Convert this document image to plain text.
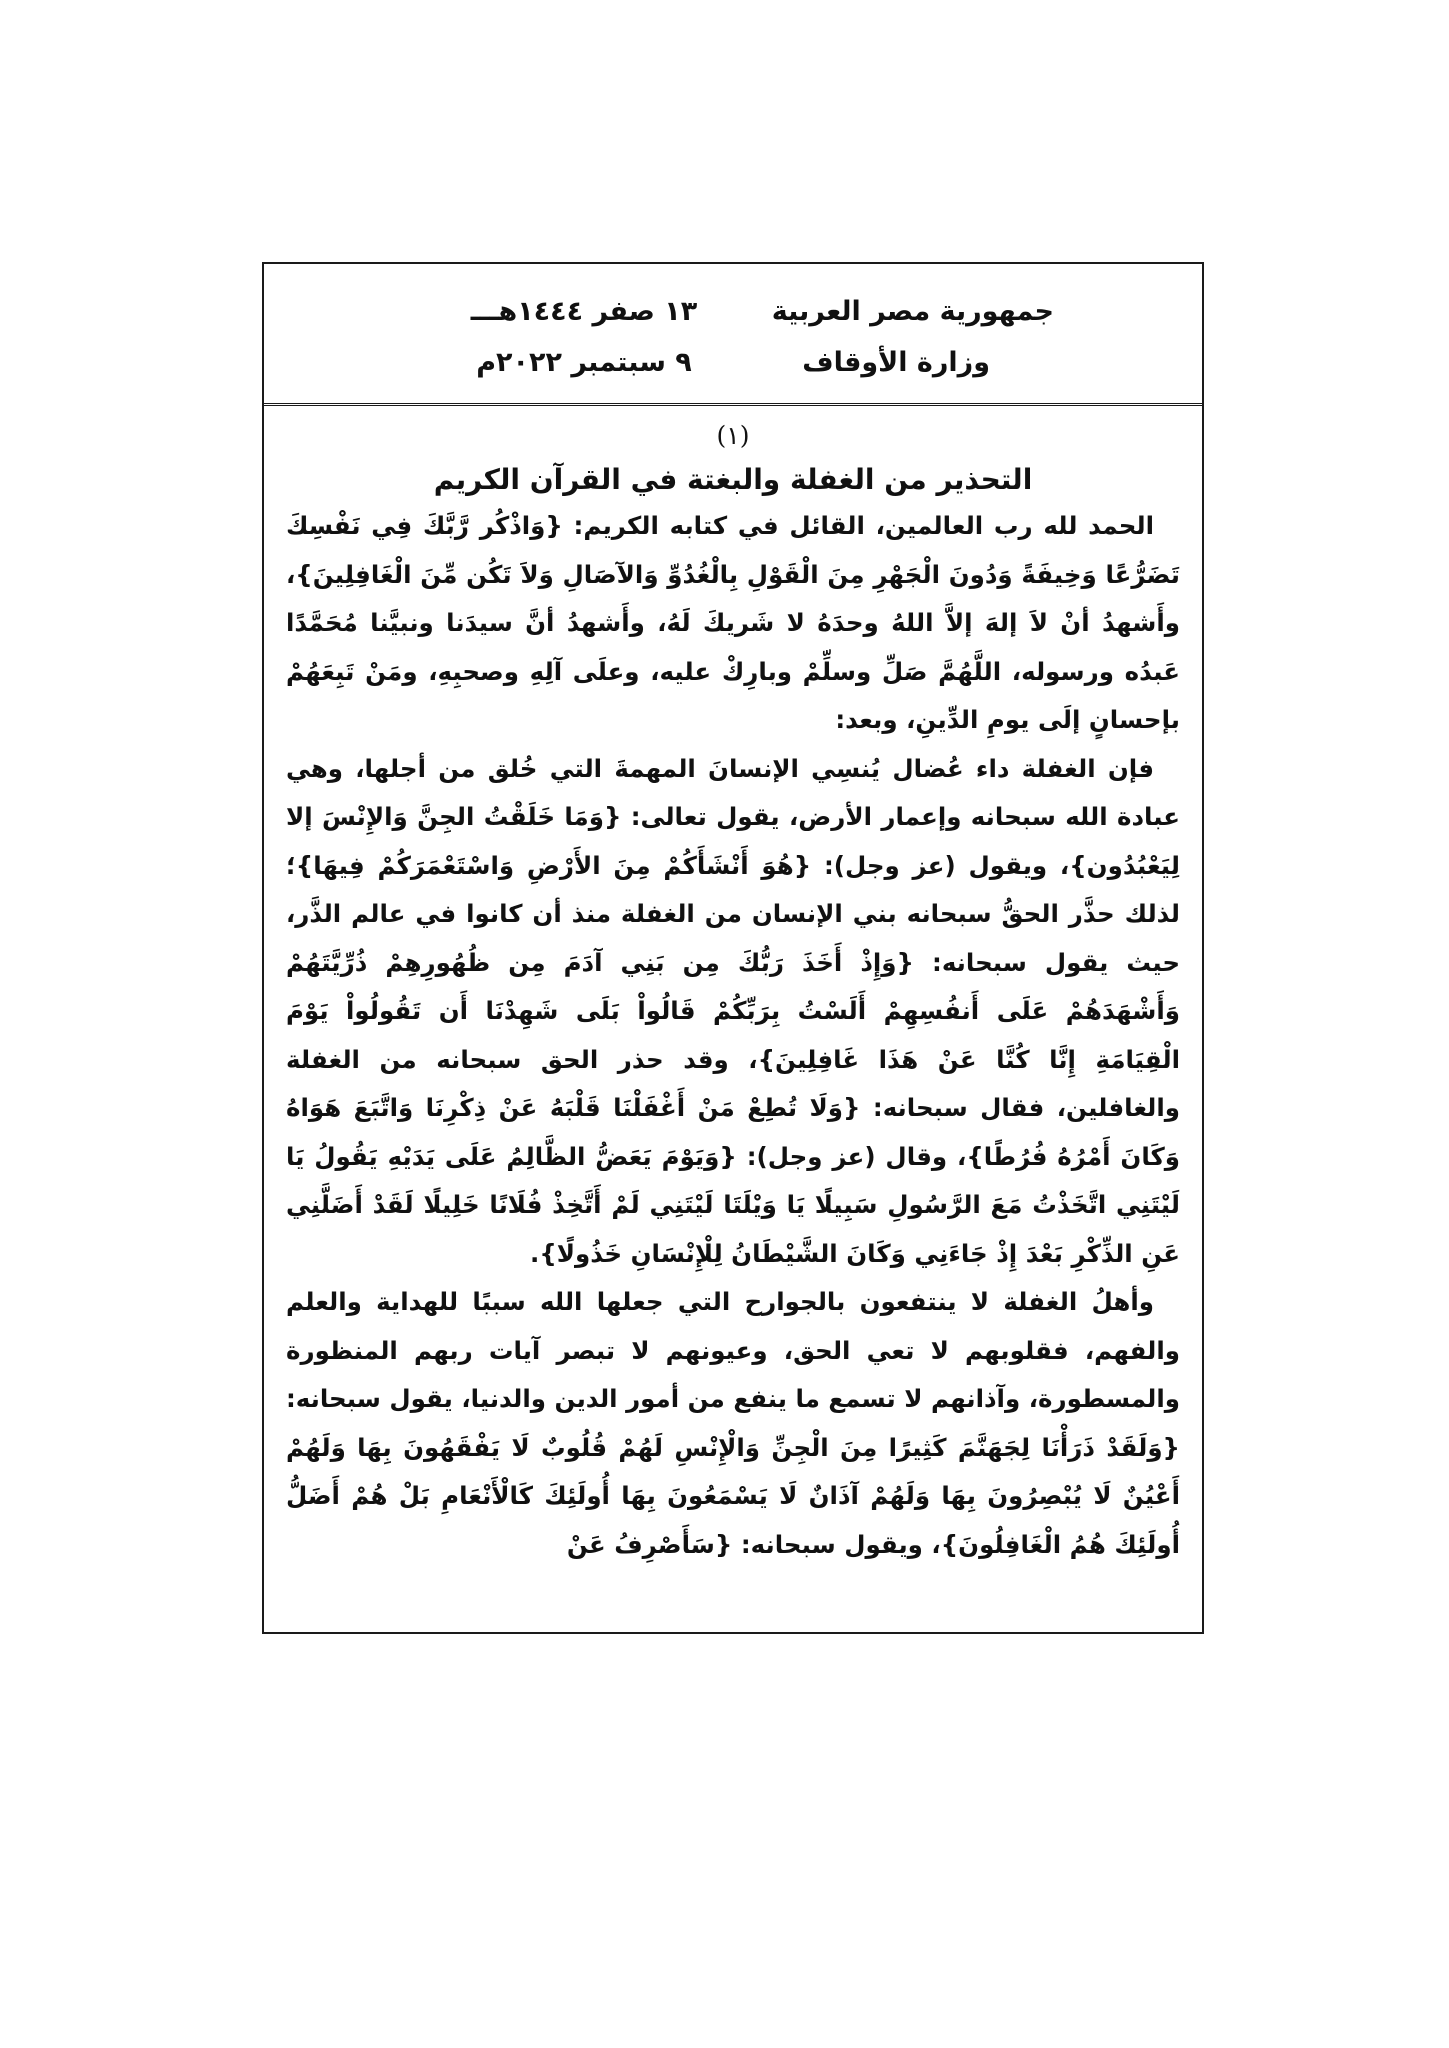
جمهورية مصر العربية
وزارة الأوقاف
١٣ صفر ١٤٤٤هـــ
٩ سبتمبر ٢٠٢٢م
(١)
التحذير من الغفلة والبغتة في القرآن الكريم

الحمد لله رب العالمين، القائل في كتابه الكريم: {وَاذْكُر رَّبَّكَ فِي نَفْسِكَ تَضَرُّعًا وَخِيفَةً وَدُونَ الْجَهْرِ مِنَ الْقَوْلِ بِالْغُدُوِّ وَالآصَالِ وَلاَ تَكُن مِّنَ الْغَافِلِينَ}، وأَشهدُ أنْ لاَ إلهَ إلاَّ اللهُ وحدَهُ لا شَريكَ لَهُ، وأَشهدُ أنَّ سيدَنا ونبيَّنا مُحَمَّدًا عَبدُه ورسوله، اللَّهُمَّ صَلِّ وسلِّمْ وبارِكْ عليه، وعلَى آلِهِ وصحبِهِ، ومَنْ تَبِعَهُمْ بإحسانٍ إلَى يومِ الدِّينِ، وبعد:

فإن الغفلة داء عُضال يُنسِي الإنسانَ المهمةَ التي خُلق من أجلها، وهي عبادة الله سبحانه وإعمار الأرض، يقول تعالى: {وَمَا خَلَقْتُ الجِنَّ وَالإِنْسَ إلا لِيَعْبُدُون}، ويقول (عز وجل): {هُوَ أَنْشَأَكُمْ مِنَ الأَرْضِ وَاسْتَعْمَرَكُمْ فِيهَا}؛ لذلك حذَّر الحقُّ سبحانه بني الإنسان من الغفلة منذ أن كانوا في عالم الذَّر، حيث يقول سبحانه: {وَإِذْ أَخَذَ رَبُّكَ مِن بَنِي آدَمَ مِن ظُهُورِهِمْ ذُرِّيَّتَهُمْ وَأَشْهَدَهُمْ عَلَى أَنفُسِهِمْ أَلَسْتُ بِرَبِّكُمْ قَالُواْ بَلَى شَهِدْنَا أَن تَقُولُواْ يَوْمَ الْقِيَامَةِ إِنَّا كُنَّا عَنْ هَذَا غَافِلِينَ}، وقد حذر الحق سبحانه من الغفلة والغافلين، فقال سبحانه: {وَلَا تُطِعْ مَنْ أَغْفَلْنَا قَلْبَهُ عَنْ ذِكْرِنَا وَاتَّبَعَ هَوَاهُ وَكَانَ أَمْرُهُ فُرُطًا}، وقال (عز وجل): {وَيَوْمَ يَعَضُّ الظَّالِمُ عَلَى يَدَيْهِ يَقُولُ يَا لَيْتَنِي اتَّخَذْتُ مَعَ الرَّسُولِ سَبِيلًا يَا وَيْلَتَا لَيْتَنِي لَمْ أَتَّخِذْ فُلَانًا خَلِيلًا لَقَدْ أَضَلَّنِي عَنِ الذِّكْرِ بَعْدَ إِذْ جَاءَنِي وَكَانَ الشَّيْطَانُ لِلْإِنْسَانِ خَذُولًا}.

وأهلُ الغفلة لا ينتفعون بالجوارح التي جعلها الله سببًا للهداية والعلم والفهم، فقلوبهم لا تعي الحق، وعيونهم لا تبصر آيات ربهم المنظورة والمسطورة، وآذانهم لا تسمع ما ينفع من أمور الدين والدنيا، يقول سبحانه: {وَلَقَدْ ذَرَأْنَا لِجَهَنَّمَ كَثِيرًا مِنَ الْجِنِّ وَالْإِنْسِ لَهُمْ قُلُوبٌ لَا يَفْقَهُونَ بِهَا وَلَهُمْ أَعْيُنٌ لَا يُبْصِرُونَ بِهَا وَلَهُمْ آذَانٌ لَا يَسْمَعُونَ بِهَا أُولَئِكَ كَالْأَنْعَامِ بَلْ هُمْ أَضَلُّ أُولَئِكَ هُمُ الْغَافِلُونَ}، ويقول سبحانه: {سَأَصْرِفُ عَنْ
